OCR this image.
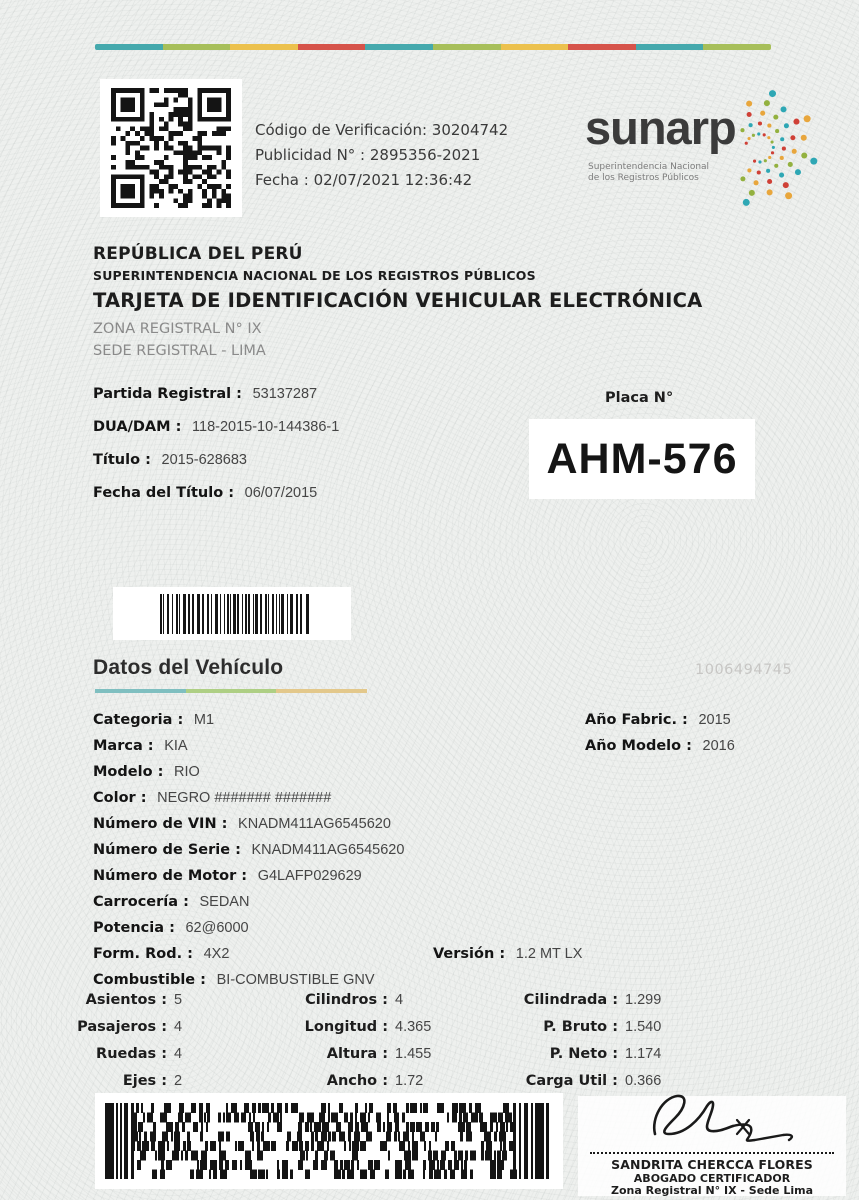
Código de Verificación: 30204742
Publicidad N° : 2895356-2021
Fecha : 02/07/2021 12:36:42
sunarp
Superintendencia Nacional
de los Registros Públicos
REPÚBLICA DEL PERÚ
SUPERINTENDENCIA NACIONAL DE LOS REGISTROS PÚBLICOS
TARJETA DE IDENTIFICACIÓN VEHICULAR ELECTRÓNICA
ZONA REGISTRAL N° IX
SEDE REGISTRAL - LIMA
Partida Registral : 53137287
DUA/DAM : 118-2015-10-144386-1
Título : 2015-628683
Fecha del Título : 06/07/2015
Placa N°
AHM-576
Datos del Vehículo	1006494745
Categoria : M1
Marca : KIA
Modelo : RIO
Color : NEGRO ####### #######
Número de VIN : KNADM411AG6545620
Número de Serie : KNADM411AG6545620
Número de Motor : G4LAFP029629
Carrocería : SEDAN
Potencia : 62@6000
Form. Rod. : 4X2	Versión : 1.2 MT LX
Combustible : BI-COMBUSTIBLE GNV
Año Fabric. : 2015
Año Modelo : 2016
Asientos : 5
Pasajeros : 4
Ruedas : 4
Ejes : 2
Cilindros : 4
Longitud : 4.365
Altura : 1.455
Ancho : 1.72
Cilindrada : 1.299
P. Bruto : 1.540
P. Neto : 1.174
Carga Util : 0.366
SANDRITA CHERCCA FLORES
ABOGADO CERTIFICADOR
Zona Registral N° IX - Sede Lima
